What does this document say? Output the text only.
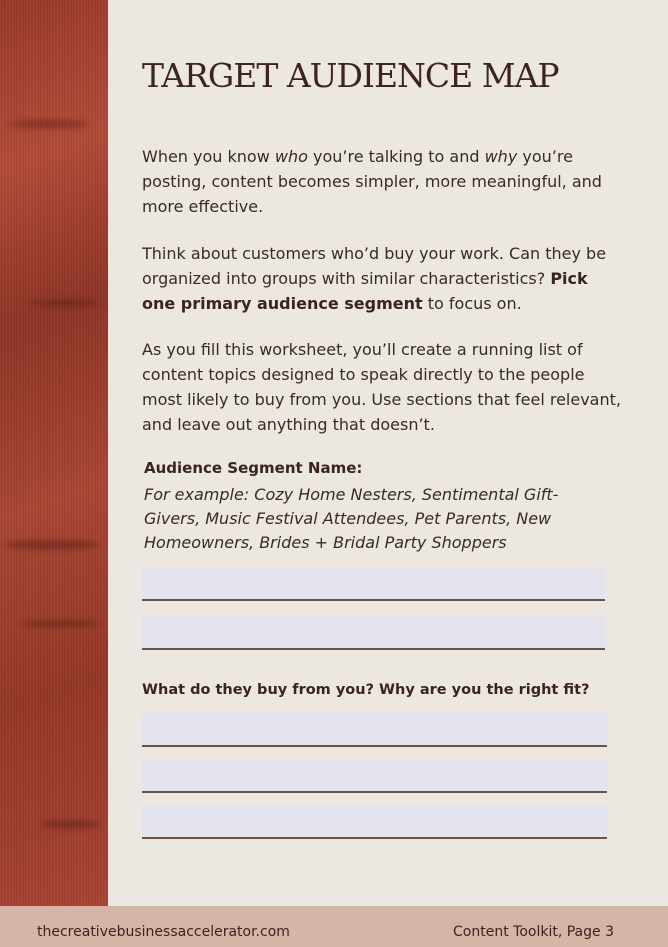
TARGET AUDIENCE MAP

When you know who you’re talking to and why you’re posting, content becomes simpler, more meaningful, and more effective.

Think about customers who’d buy your work. Can they be organized into groups with similar characteristics? Pick one primary audience segment to focus on.

As you fill this worksheet, you’ll create a running list of content topics designed to speak directly to the people most likely to buy from you. Use sections that feel relevant, and leave out anything that doesn’t.

Audience Segment Name:

For example: Cozy Home Nesters, Sentimental Gift-Givers, Music Festival Attendees, Pet Parents, New Homeowners, Brides + Bridal Party Shoppers

What do they buy from you? Why are you the right fit?

thecreativebusinessaccelerator.com	Content Toolkit, Page 3
